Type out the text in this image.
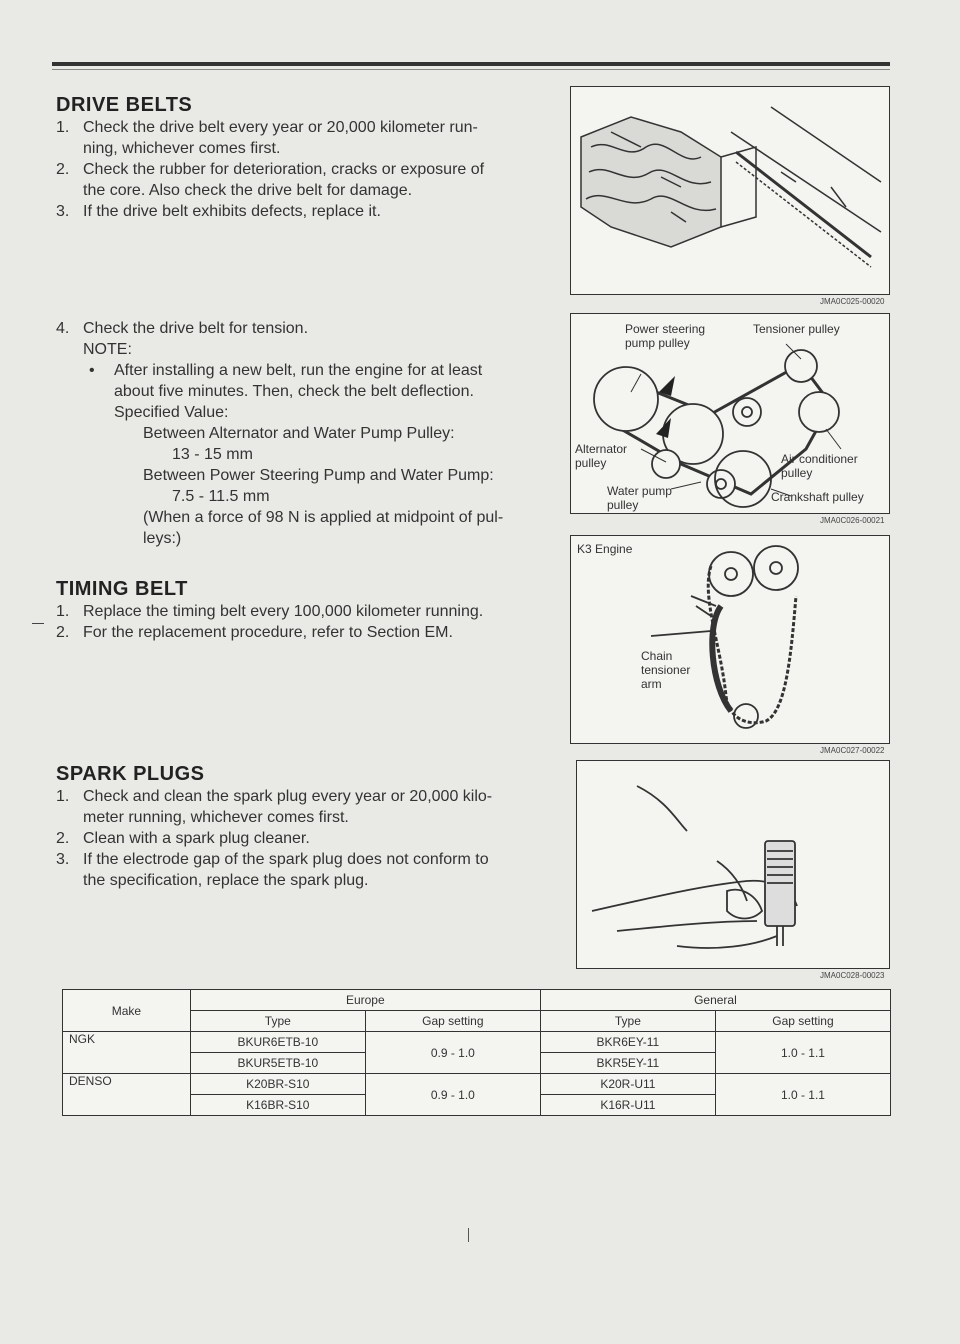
DRIVE BELTS
1. Check the drive belt every year or 20,000 kilometer run-
ning, whichever comes first.
2. Check the rubber for deterioration, cracks or exposure of
the core. Also check the drive belt for damage.
3. If the drive belt exhibits defects, replace it.
4. Check the drive belt for tension.
NOTE:
• After installing a new belt, run the engine for at least
about five minutes. Then, check the belt deflection.
Specified Value:
Between Alternator and Water Pump Pulley:
13 - 15 mm
Between Power Steering Pump and Water Pump:
7.5 - 11.5 mm
(When a force of 98 N is applied at midpoint of pul-
leys:)
TIMING BELT
1. Replace the timing belt every 100,000 kilometer running.
2. For the replacement procedure, refer to Section EM.
SPARK PLUGS
1. Check and clean the spark plug every year or 20,000 kilo-
meter running, whichever comes first.
2. Clean with a spark plug cleaner.
3. If the electrode gap of the spark plug does not conform to
the specification, replace the spark plug.
JMA0C025-00020
Power steering
pump pulley
Tensioner pulley
Alternator
pulley	Air conditioner
pulley
Water pump
pulley
Crankshaft pulley
JMA0C026-00021
K3 Engine
Chain
tensioner
arm
JMA0C027-00022
JMA0C028-00023
Make	Europe		General	
	Type	Gap setting	Type	Gap setting
NGK	BKUR6ETB-10	0.9 - 1.0	BKR6EY-11	1.0 - 1.1
	BKUR5ETB-10		BKR5EY-11	
DENSO	K20BR-S10	0.9 - 1.0	K20R-U11	1.0 - 1.1
	K16BR-S10		K16R-U11	
